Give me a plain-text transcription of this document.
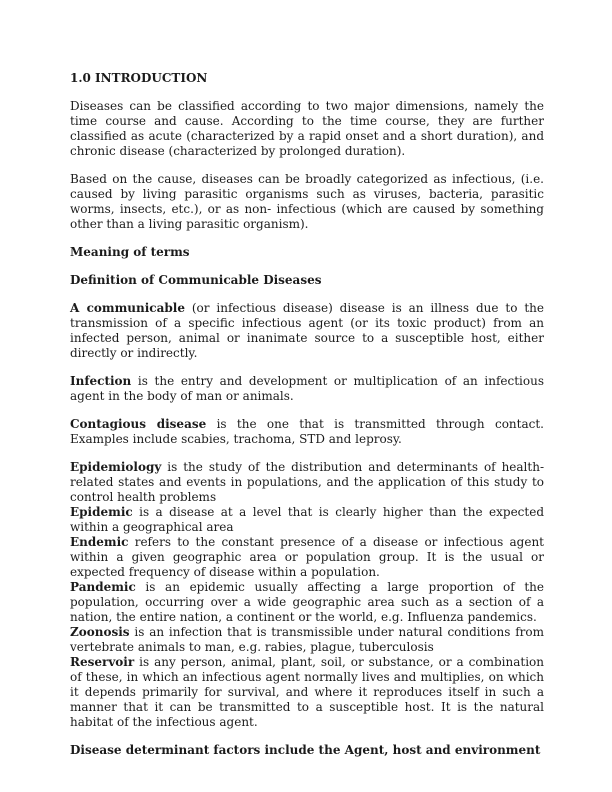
1.0 INTRODUCTION

Diseases can be classified according to two major dimensions, namely the time course and cause. According to the time course, they are further classified as acute (characterized by a rapid onset and a short duration), and chronic disease (characterized by prolonged duration).

Based on the cause, diseases can be broadly categorized as infectious, (i.e. caused by living parasitic organisms such as viruses, bacteria, parasitic worms, insects, etc.), or as non- infectious (which are caused by something other than a living parasitic organism).

Meaning of terms

Definition of Communicable Diseases

A communicable (or infectious disease) disease is an illness due to the transmission of a specific infectious agent (or its toxic product) from an infected person, animal or inanimate source to a susceptible host, either directly or indirectly.

Infection is the entry and development or multiplication of an infectious agent in the body of man or animals.

Contagious disease is the one that is transmitted through contact. Examples include scabies, trachoma, STD and leprosy.

Epidemiology is the study of the distribution and determinants of health-related states and events in populations, and the application of this study to control health problems

Epidemic is a disease at a level that is clearly higher than the expected within a geographical area

Endemic refers to the constant presence of a disease or infectious agent within a given geographic area or population group. It is the usual or expected frequency of disease within a population.

Pandemic is an epidemic usually affecting a large proportion of the population, occurring over a wide geographic area such as a section of a nation, the entire nation, a continent or the world, e.g. Influenza pandemics.

Zoonosis is an infection that is transmissible under natural conditions from vertebrate animals to man, e.g. rabies, plague, tuberculosis

Reservoir is any person, animal, plant, soil, or substance, or a combination of these, in which an infectious agent normally lives and multiplies, on which it depends primarily for survival, and where it reproduces itself in such a manner that it can be transmitted to a susceptible host. It is the natural habitat of the infectious agent.

Disease determinant factors include the Agent, host and environment
